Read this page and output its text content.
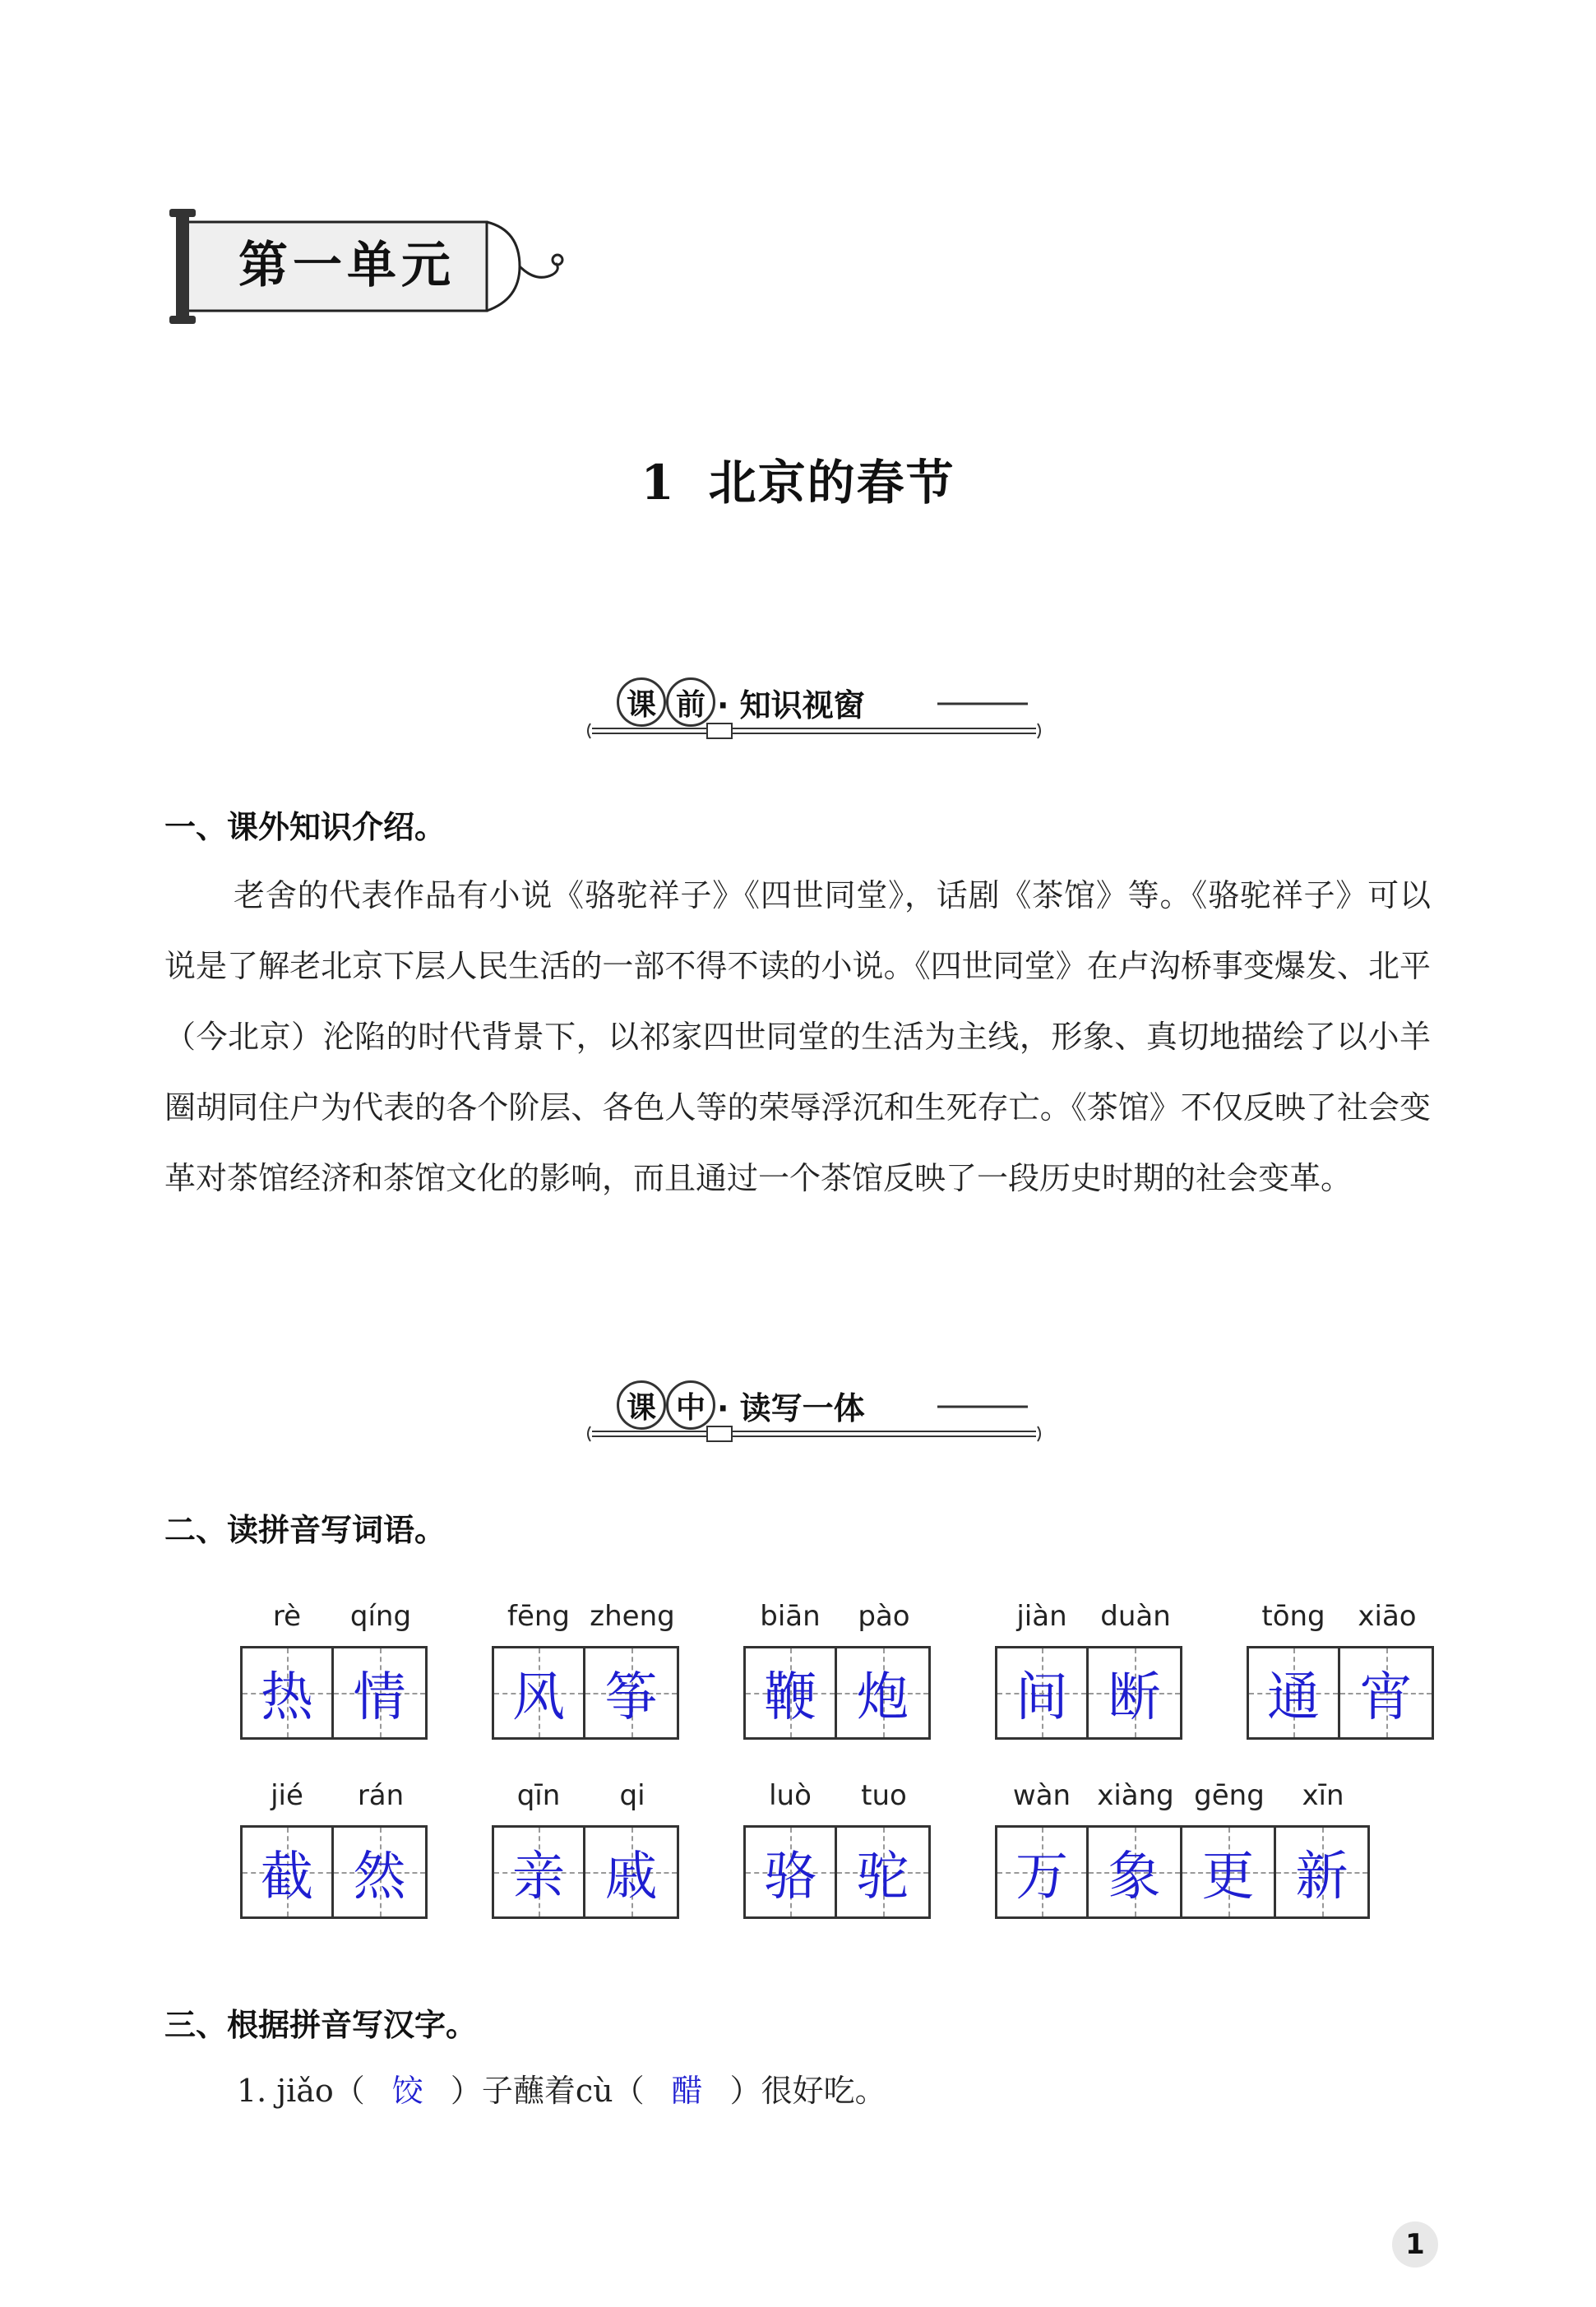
第一单元
1 北京的春节
课 前 · 知识视窗
一、课外知识介绍。
老舍的代表作品有小说《骆驼祥子》《四世同堂》，话剧《茶馆》等。《骆驼祥子》可以说是了解老北京下层人民生活的一部不得不读的小说。《四世同堂》在卢沟桥事变爆发、北平（今北京）沦陷的时代背景下，以祁家四世同堂的生活为主线，形象、真切地描绘了以小羊圈胡同住户为代表的各个阶层、各色人等的荣辱浮沉和生死存亡。《茶馆》不仅反映了社会变革对茶馆经济和茶馆文化的影响，而且通过一个茶馆反映了一段历史时期的社会变革。
课 中 · 读写一体
二、读拼音写词语。
rè	qíng
热 情
fēng zheng
风 筝
biān	pào
鞭 炮
jiàn	duàn
间 断
tōng	xiāo
通 宵
jié	rán
截 然
qīn	qi
亲 戚
luò	tuo
骆 驼
wàn xiàng gēng	xīn
万 象 更 新
三、根据拼音写汉字。
1. jiǎo（ 饺 ）子蘸着cù（ 醋 ）很好吃。
1
